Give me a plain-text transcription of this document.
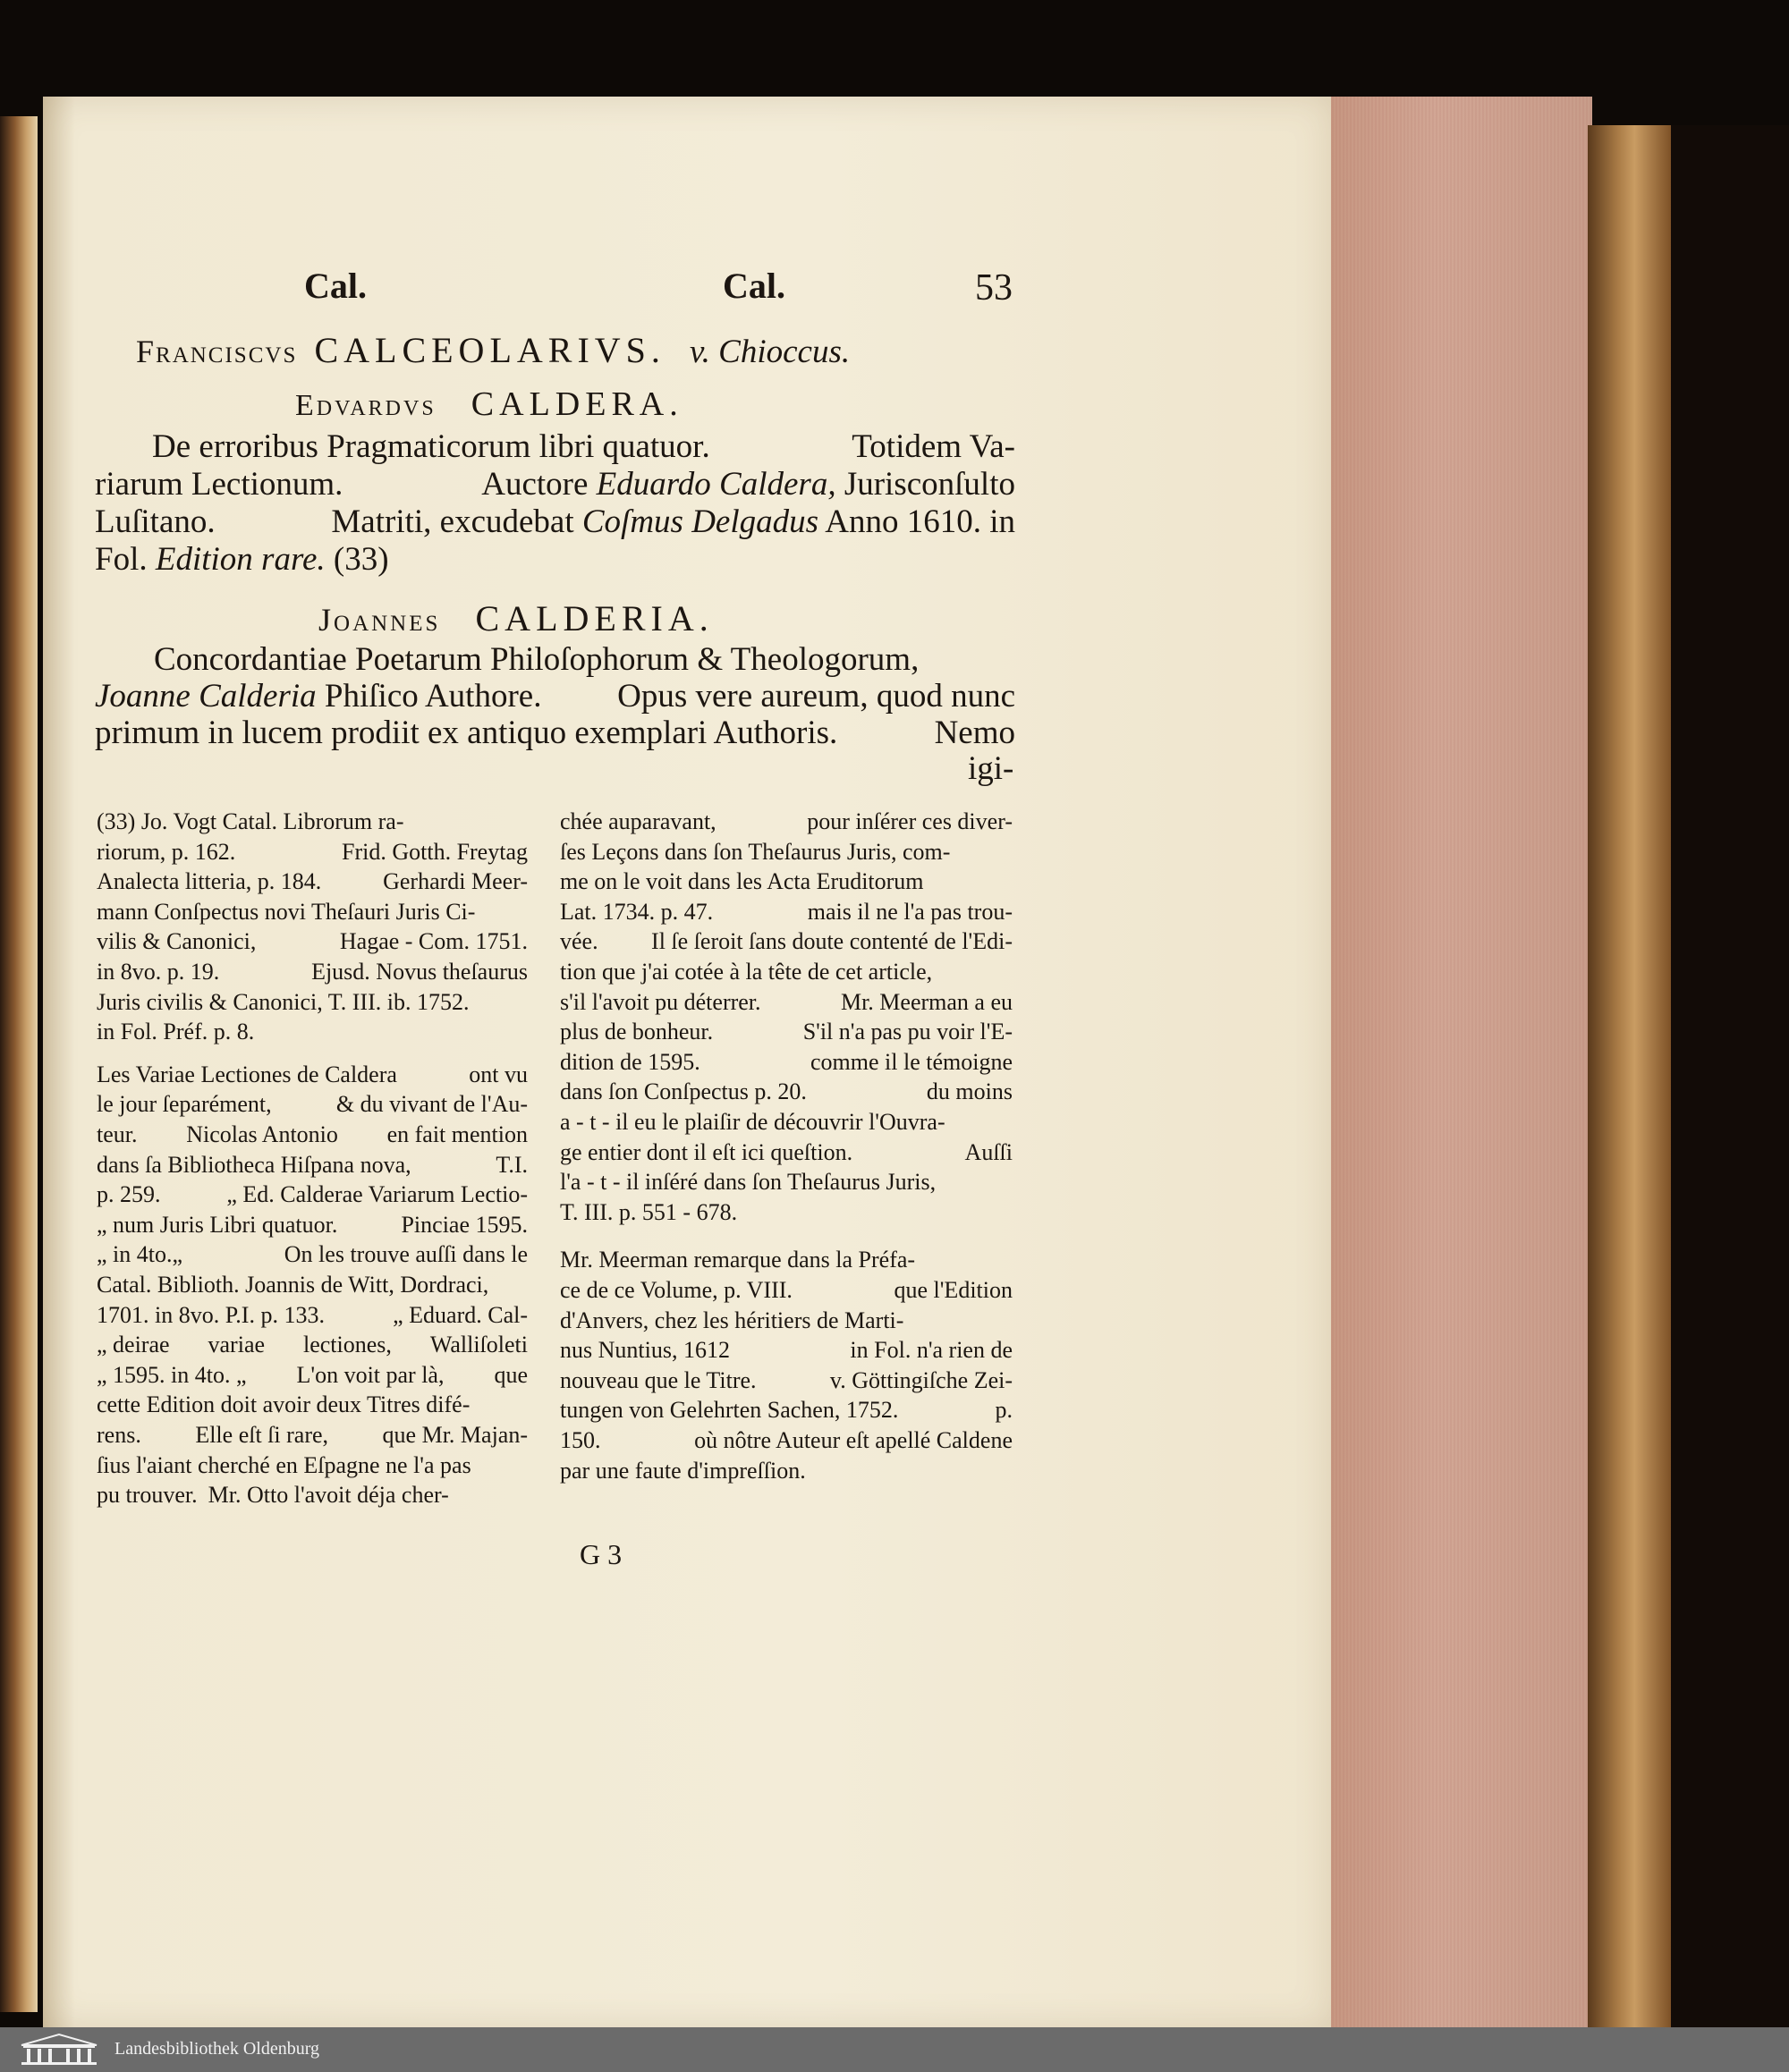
Cal.	Cal.	53
Franciscvs CALCEOLARIVS. v. Chioccus.
Edvardvs CALDERA.
De erroribus Pragmaticorum libri quatuor.	Totidem Va-
riarum Lectionum.	Auctore Eduardo Caldera, Jurisconſulto
Luſitano.	Matriti, excudebat Coſmus Delgadus Anno 1610. in
Fol. Edition rare. (33)
Joannes CALDERIA.
Concordantiae Poetarum Philoſophorum & Theologorum,
Joanne Calderia Phiſico Authore. Opus vere aureum, quod nunc
primum in lucem prodiit ex antiquo exemplari Authoris.	Nemo
igi-
(33) Jo. Vogt Catal. Librorum ra-
riorum, p. 162.	Frid. Gotth. Freytag
Analecta litteria, p. 184.	Gerhardi Meer-
mann Conſpectus novi Theſauri Juris Ci-
vilis & Canonici,	Hagae - Com. 1751.
in 8vo. p. 19.	Ejusd. Novus theſaurus
Juris civilis & Canonici, T. III. ib. 1752.
in Fol. Préf. p. 8.
Les Variae Lectiones de Caldera	ont vu
le jour ſeparément,	& du vivant de l'Au-
teur. Nicolas Antonio en fait mention
dans ſa Bibliotheca Hiſpana nova,	T.I.
p. 259.	„ Ed. Calderae Variarum Lectio-
„ num Juris Libri quatuor.	Pinciae 1595.
„ in 4to.„	On les trouve auſſi dans le
Catal. Biblioth. Joannis de Witt, Dordraci,
1701. in 8vo. P.I. p. 133.	„ Eduard. Cal-
„ deirae variae lectiones, Walliſoleti
„ 1595. in 4to. „ L'on voit par là, que
cette Edition doit avoir deux Titres difé-
rens. Elle eſt ſi rare, que Mr. Majan-
ſius l'aiant cherché en Eſpagne ne l'a pas
pu trouver. Mr. Otto l'avoit déja cher-
chée auparavant,	pour inſérer ces diver-
ſes Leçons dans ſon Theſaurus Juris, com-
me on le voit dans les Acta Eruditorum
Lat. 1734. p. 47.	mais il ne l'a pas trou-
vée. Il ſe ſeroit ſans doute contenté de l'Edi-
tion que j'ai cotée à la tête de cet article,
s'il l'avoit pu déterrer.	Mr. Meerman a eu
plus de bonheur.	S'il n'a pas pu voir l'E-
dition de 1595.	comme il le témoigne
dans ſon Conſpectus p. 20.	du moins
a - t - il eu le plaiſir de découvrir l'Ouvra-
ge entier dont il eſt ici queſtion.	Auſſi
l'a - t - il inſéré dans ſon Theſaurus Juris,
T. III. p. 551 - 678.
Mr. Meerman remarque dans la Préfa-
ce de ce Volume, p. VIII.	que l'Edition
d'Anvers, chez les héritiers de Marti-
nus Nuntius, 1612	in Fol. n'a rien de
nouveau que le Titre.	v. Göttingiſche Zei-
tungen von Gelehrten Sachen, 1752.	p.
150.	où nôtre Auteur eſt apellé Caldene
par une faute d'impreſſion.
G 3
Landesbibliothek Oldenburg
